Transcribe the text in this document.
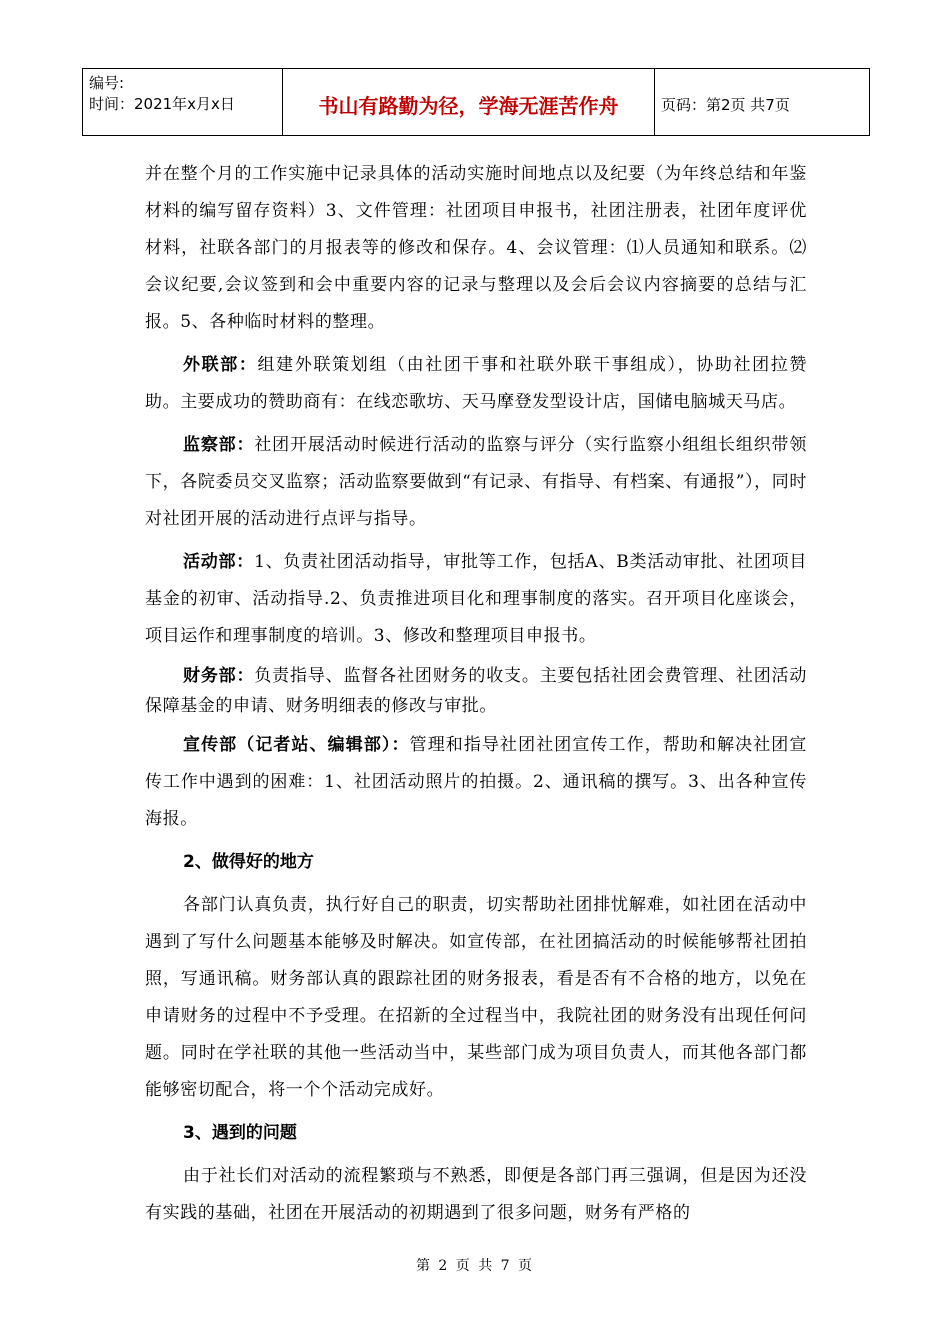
编号:
时间：2021年x月x日	书山有路勤为径，学海无涯苦作舟	页码：第2页 共7页

并在整个月的工作实施中记录具体的活动实施时间地点以及纪要（为年终总结和年鉴材料的编写留存资料）3、文件管理：社团项目申报书，社团注册表，社团年度评优材料，社联各部门的月报表等的修改和保存。4、会议管理：⑴人员通知和联系。⑵会议纪要,会议签到和会中重要内容的记录与整理以及会后会议内容摘要的总结与汇报。5、各种临时材料的整理。

外联部：组建外联策划组（由社团干事和社联外联干事组成），协助社团拉赞助。主要成功的赞助商有：在线恋歌坊、天马摩登发型设计店，国储电脑城天马店。

监察部：社团开展活动时候进行活动的监察与评分（实行监察小组组长组织带领下，各院委员交叉监察；活动监察要做到“有记录、有指导、有档案、有通报”），同时对社团开展的活动进行点评与指导。

活动部：1、负责社团活动指导，审批等工作，包括A、B类活动审批、社团项目基金的初审、活动指导.2、负责推进项目化和理事制度的落实。召开项目化座谈会，项目运作和理事制度的培训。3、修改和整理项目申报书。

财务部：负责指导、监督各社团财务的收支。主要包括社团会费管理、社团活动保障基金的申请、财务明细表的修改与审批。

宣传部（记者站、编辑部）：管理和指导社团社团宣传工作，帮助和解决社团宣传工作中遇到的困难：1、社团活动照片的拍摄。2、通讯稿的撰写。3、出各种宣传海报。

2、做得好的地方

各部门认真负责，执行好自己的职责，切实帮助社团排忧解难，如社团在活动中遇到了写什么问题基本能够及时解决。如宣传部，在社团搞活动的时候能够帮社团拍照，写通讯稿。财务部认真的跟踪社团的财务报表，看是否有不合格的地方，以免在申请财务的过程中不予受理。在招新的全过程当中，我院社团的财务没有出现任何问题。同时在学社联的其他一些活动当中，某些部门成为项目负责人，而其他各部门都能够密切配合，将一个个活动完成好。

3、遇到的问题

由于社长们对活动的流程繁琐与不熟悉，即便是各部门再三强调，但是因为还没有实践的基础，社团在开展活动的初期遇到了很多问题，财务有严格的

第 2 页 共 7 页
